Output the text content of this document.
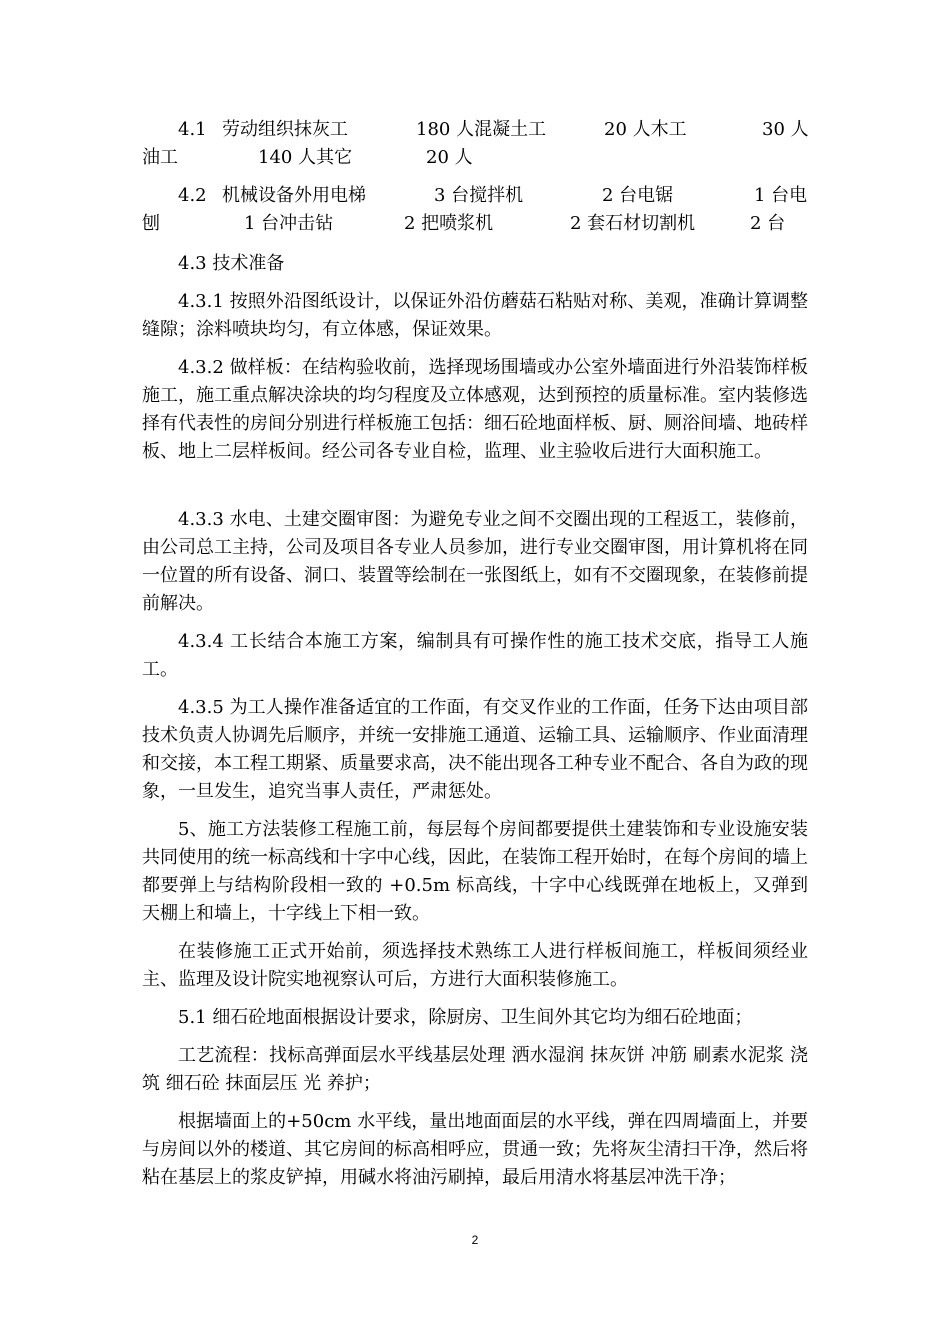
4.1 劳动组织抹灰工	180 人混凝土工	20 人木工	30 人
油工	140 人其它	20 人
4.2 机械设备外用电梯	3 台搅拌机	2 台电锯	1 台电
刨	1 台冲击钻	2 把喷浆机	2 套石材切割机	2 台

4.3 技术准备

4.3.1 按照外沿图纸设计，以保证外沿仿蘑菇石粘贴对称、美观，准确计算调整缝隙；涂料喷块均匀，有立体感，保证效果。

4.3.2 做样板：在结构验收前，选择现场围墙或办公室外墙面进行外沿装饰样板施工，施工重点解决涂块的均匀程度及立体感观，达到预控的质量标准。室内装修选择有代表性的房间分别进行样板施工包括：细石砼地面样板、厨、厕浴间墙、地砖样板、地上二层样板间。经公司各专业自检，监理、业主验收后进行大面积施工。

4.3.3 水电、土建交圈审图：为避免专业之间不交圈出现的工程返工，装修前，由公司总工主持，公司及项目各专业人员参加，进行专业交圈审图，用计算机将在同一位置的所有设备、洞口、装置等绘制在一张图纸上，如有不交圈现象，在装修前提前解决。

4.3.4 工长结合本施工方案，编制具有可操作性的施工技术交底，指导工人施工。

4.3.5 为工人操作准备适宜的工作面，有交叉作业的工作面，任务下达由项目部技术负责人协调先后顺序，并统一安排施工通道、运输工具、运输顺序、作业面清理和交接，本工程工期紧、质量要求高，决不能出现各工种专业不配合、各自为政的现象，一旦发生，追究当事人责任，严肃惩处。

5、施工方法装修工程施工前，每层每个房间都要提供土建装饰和专业设施安装共同使用的统一标高线和十字中心线，因此，在装饰工程开始时，在每个房间的墙上都要弹上与结构阶段相一致的 +0.5m 标高线，十字中心线既弹在地板上，又弹到天棚上和墙上，十字线上下相一致。

在装修施工正式开始前，须选择技术熟练工人进行样板间施工，样板间须经业主、监理及设计院实地视察认可后，方进行大面积装修施工。

5.1 细石砼地面根据设计要求，除厨房、卫生间外其它均为细石砼地面；

工艺流程：找标高弹面层水平线基层处理 洒水湿润 抹灰饼 冲筋 刷素水泥浆 浇筑 细石砼 抹面层压 光 养护；

根据墙面上的+50cm 水平线，量出地面面层的水平线，弹在四周墙面上，并要与房间以外的楼道、其它房间的标高相呼应，贯通一致；先将灰尘清扫干净，然后将粘在基层上的浆皮铲掉，用碱水将油污刷掉，最后用清水将基层冲洗干净；

2
